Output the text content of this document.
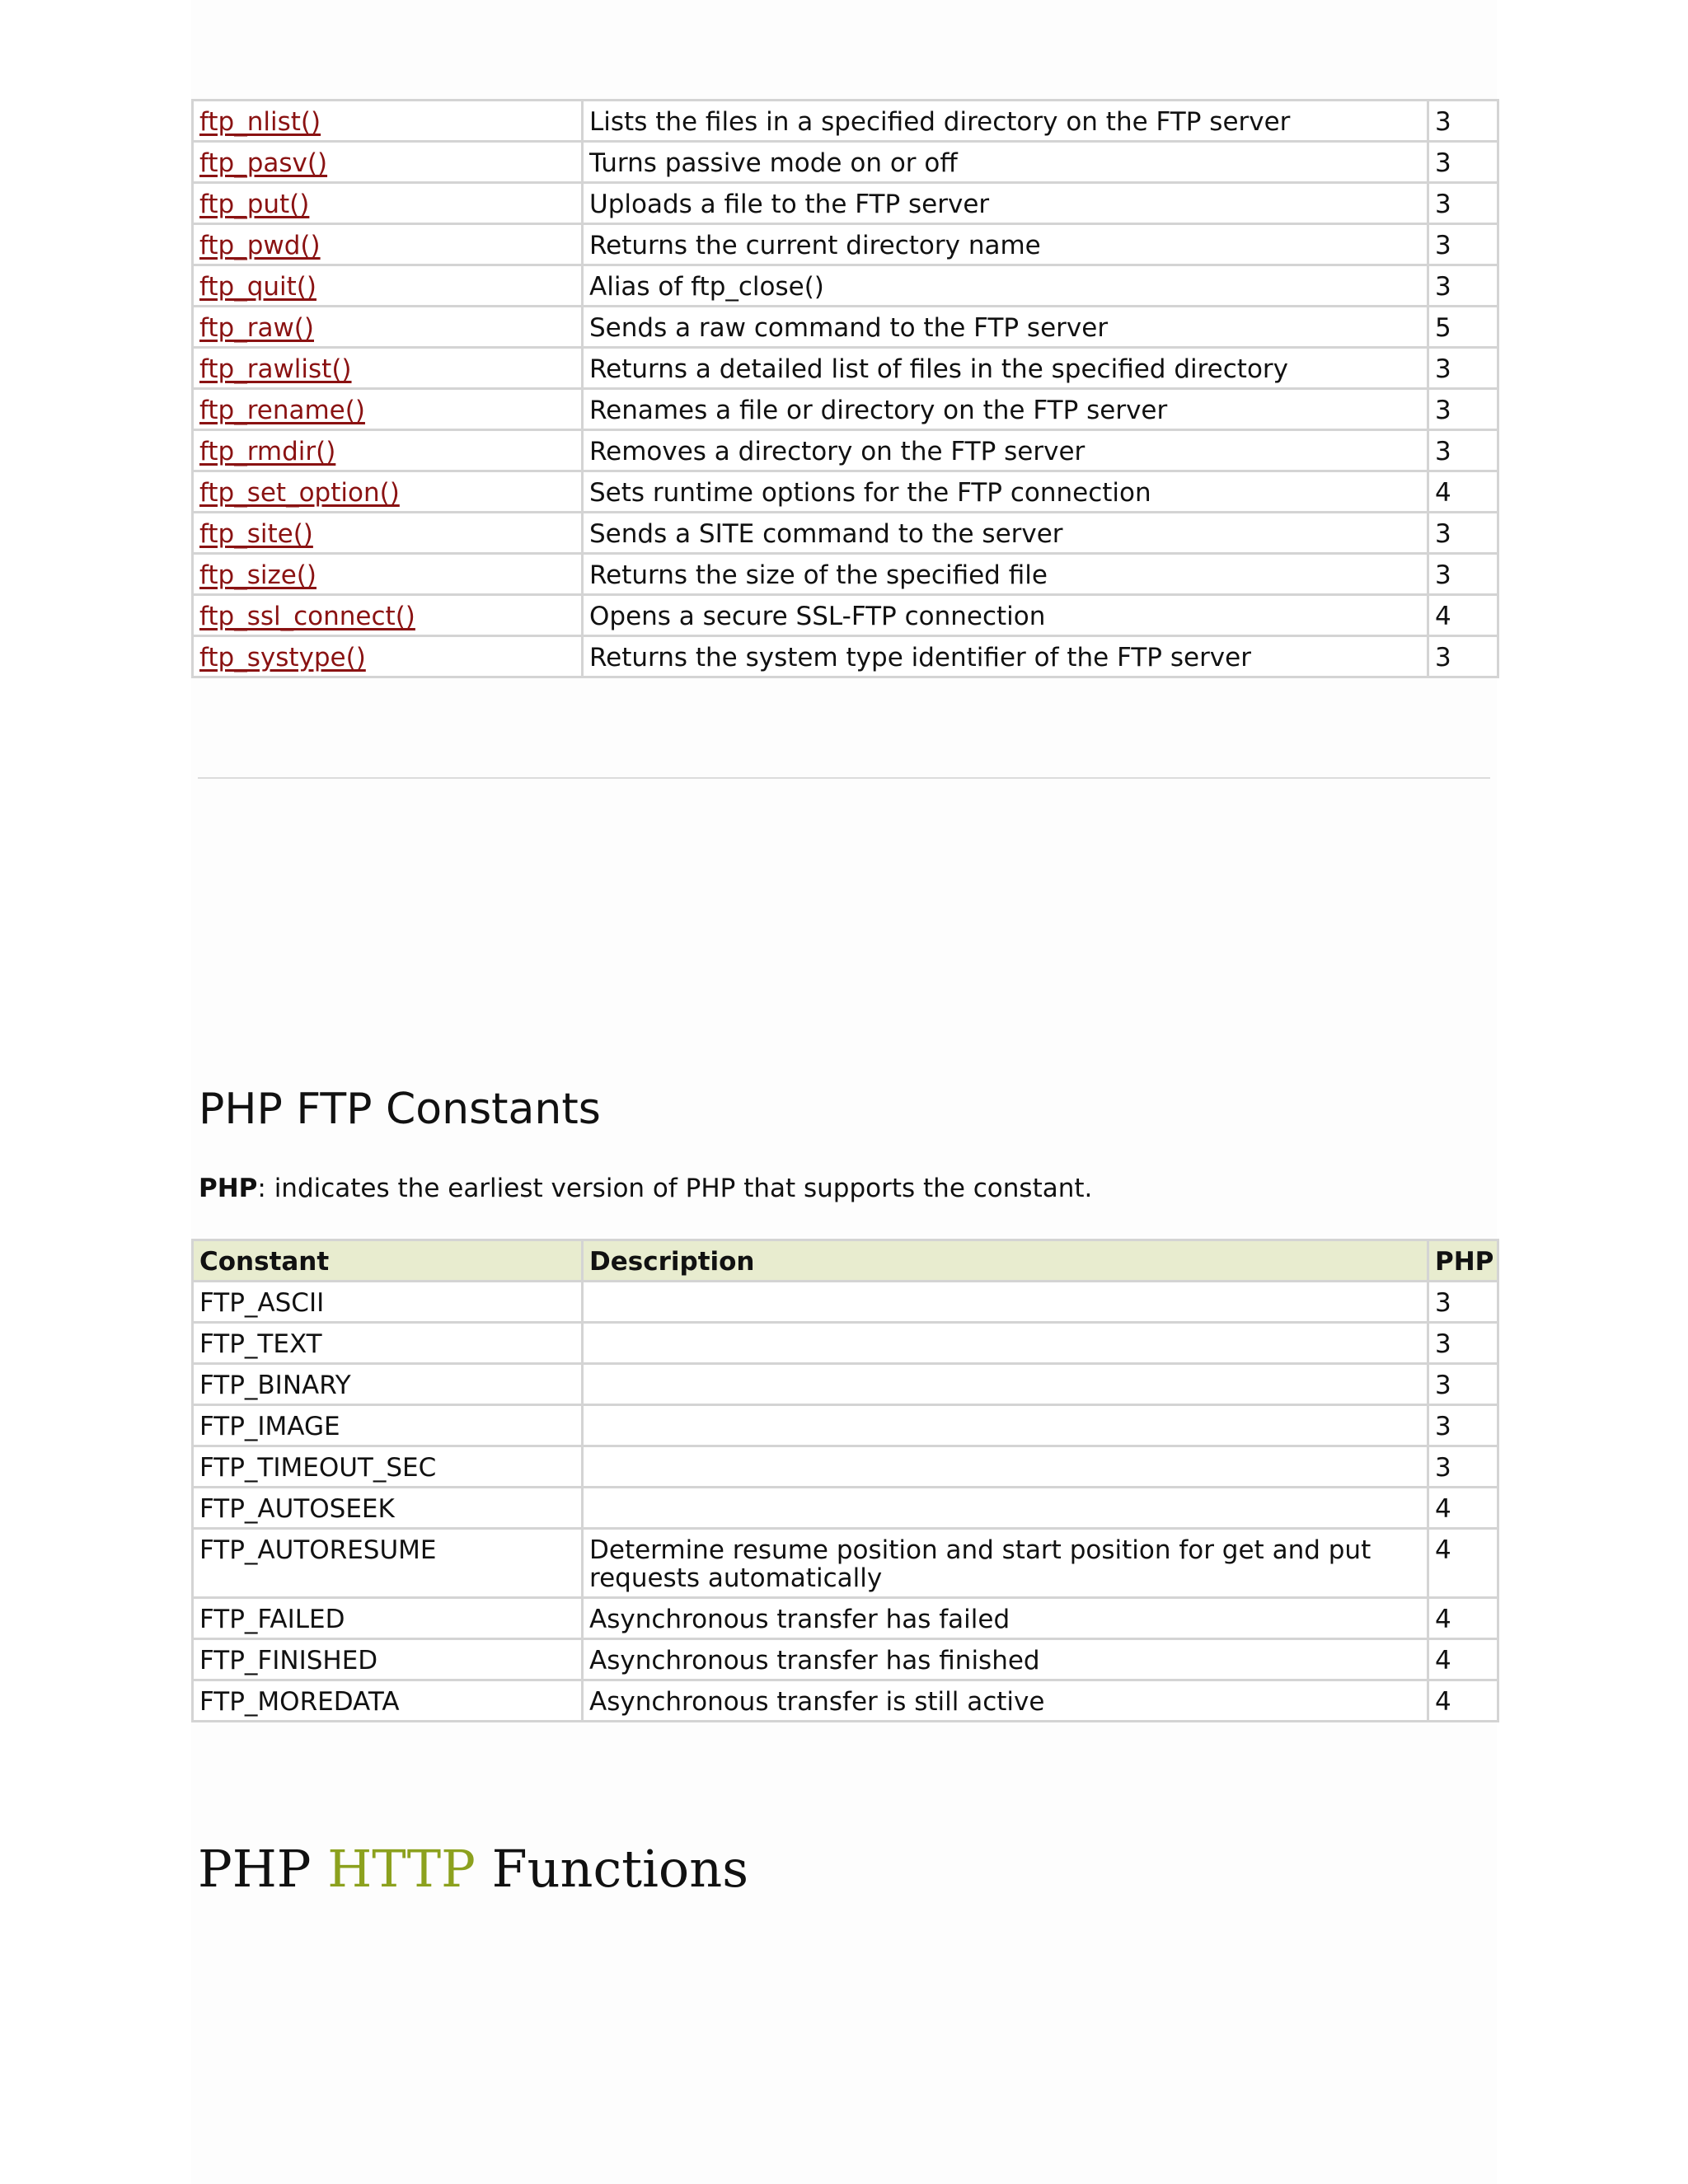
ftp_nlist()	Lists the files in a specified directory on the FTP server	3
ftp_pasv()	Turns passive mode on or off	3
ftp_put()	Uploads a file to the FTP server	3
ftp_pwd()	Returns the current directory name	3
ftp_quit()	Alias of ftp_close()	3
ftp_raw()	Sends a raw command to the FTP server	5
ftp_rawlist()	Returns a detailed list of files in the specified directory	3
ftp_rename()	Renames a file or directory on the FTP server	3
ftp_rmdir()	Removes a directory on the FTP server	3
ftp_set_option()	Sets runtime options for the FTP connection	4
ftp_site()	Sends a SITE command to the server	3
ftp_size()	Returns the size of the specified file	3
ftp_ssl_connect()	Opens a secure SSL-FTP connection	4
ftp_systype()	Returns the system type identifier of the FTP server	3
PHP FTP Constants

PHP: indicates the earliest version of PHP that supports the constant.

Constant	Description	PHP
FTP_ASCII		3
FTP_TEXT		3
FTP_BINARY		3
FTP_IMAGE		3
FTP_TIMEOUT_SEC		3
FTP_AUTOSEEK		4
FTP_AUTORESUME	Determine resume position and start position for get and put requests automatically	4
FTP_FAILED	Asynchronous transfer has failed	4
FTP_FINISHED	Asynchronous transfer has finished	4
FTP_MOREDATA	Asynchronous transfer is still active	4
PHP HTTP Functions
